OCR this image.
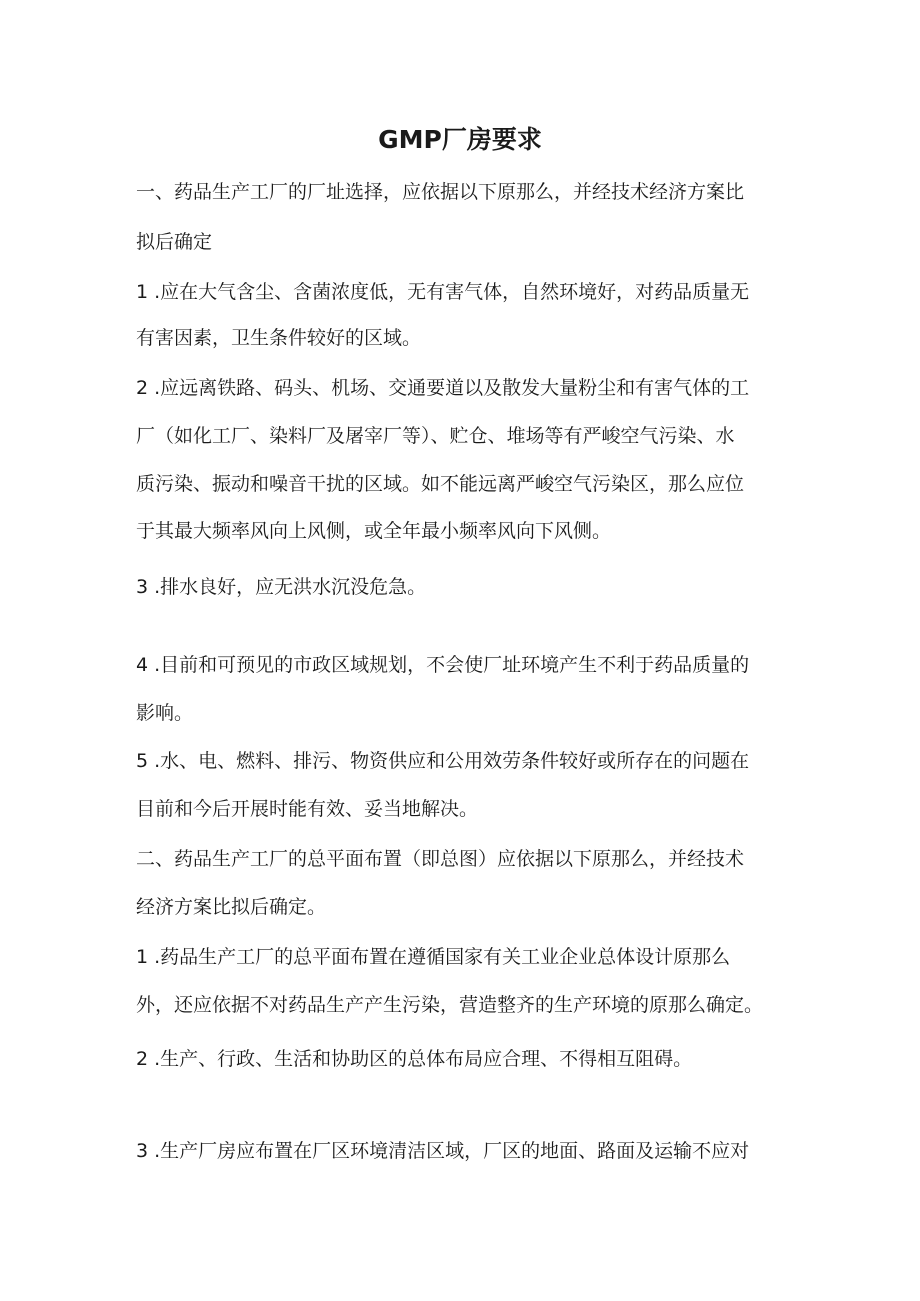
GMP厂房要求
一、药品生产工厂的厂址选择，应依据以下原那么，并经技术经济方案比
拟后确定
1 .应在大气含尘、含菌浓度低，无有害气体，自然环境好，对药品质量无
有害因素，卫生条件较好的区域。
2 .应远离铁路、码头、机场、交通要道以及散发大量粉尘和有害气体的工
厂（如化工厂、染料厂及屠宰厂等）、贮仓、堆场等有严峻空气污染、水
质污染、振动和噪音干扰的区域。如不能远离严峻空气污染区，那么应位
于其最大频率风向上风侧，或全年最小频率风向下风侧。
3 .排水良好，应无洪水沉没危急。
4 .目前和可预见的市政区域规划，不会使厂址环境产生不利于药品质量的
影响。
5 .水、电、燃料、排污、物资供应和公用效劳条件较好或所存在的问题在
目前和今后开展时能有效、妥当地解决。
二、药品生产工厂的总平面布置（即总图）应依据以下原那么，并经技术
经济方案比拟后确定。
1 .药品生产工厂的总平面布置在遵循国家有关工业企业总体设计原那么
外，还应依据不对药品生产产生污染，营造整齐的生产环境的原那么确定。
2 .生产、行政、生活和协助区的总体布局应合理、不得相互阻碍。
3 .生产厂房应布置在厂区环境清洁区域，厂区的地面、路面及运输不应对
